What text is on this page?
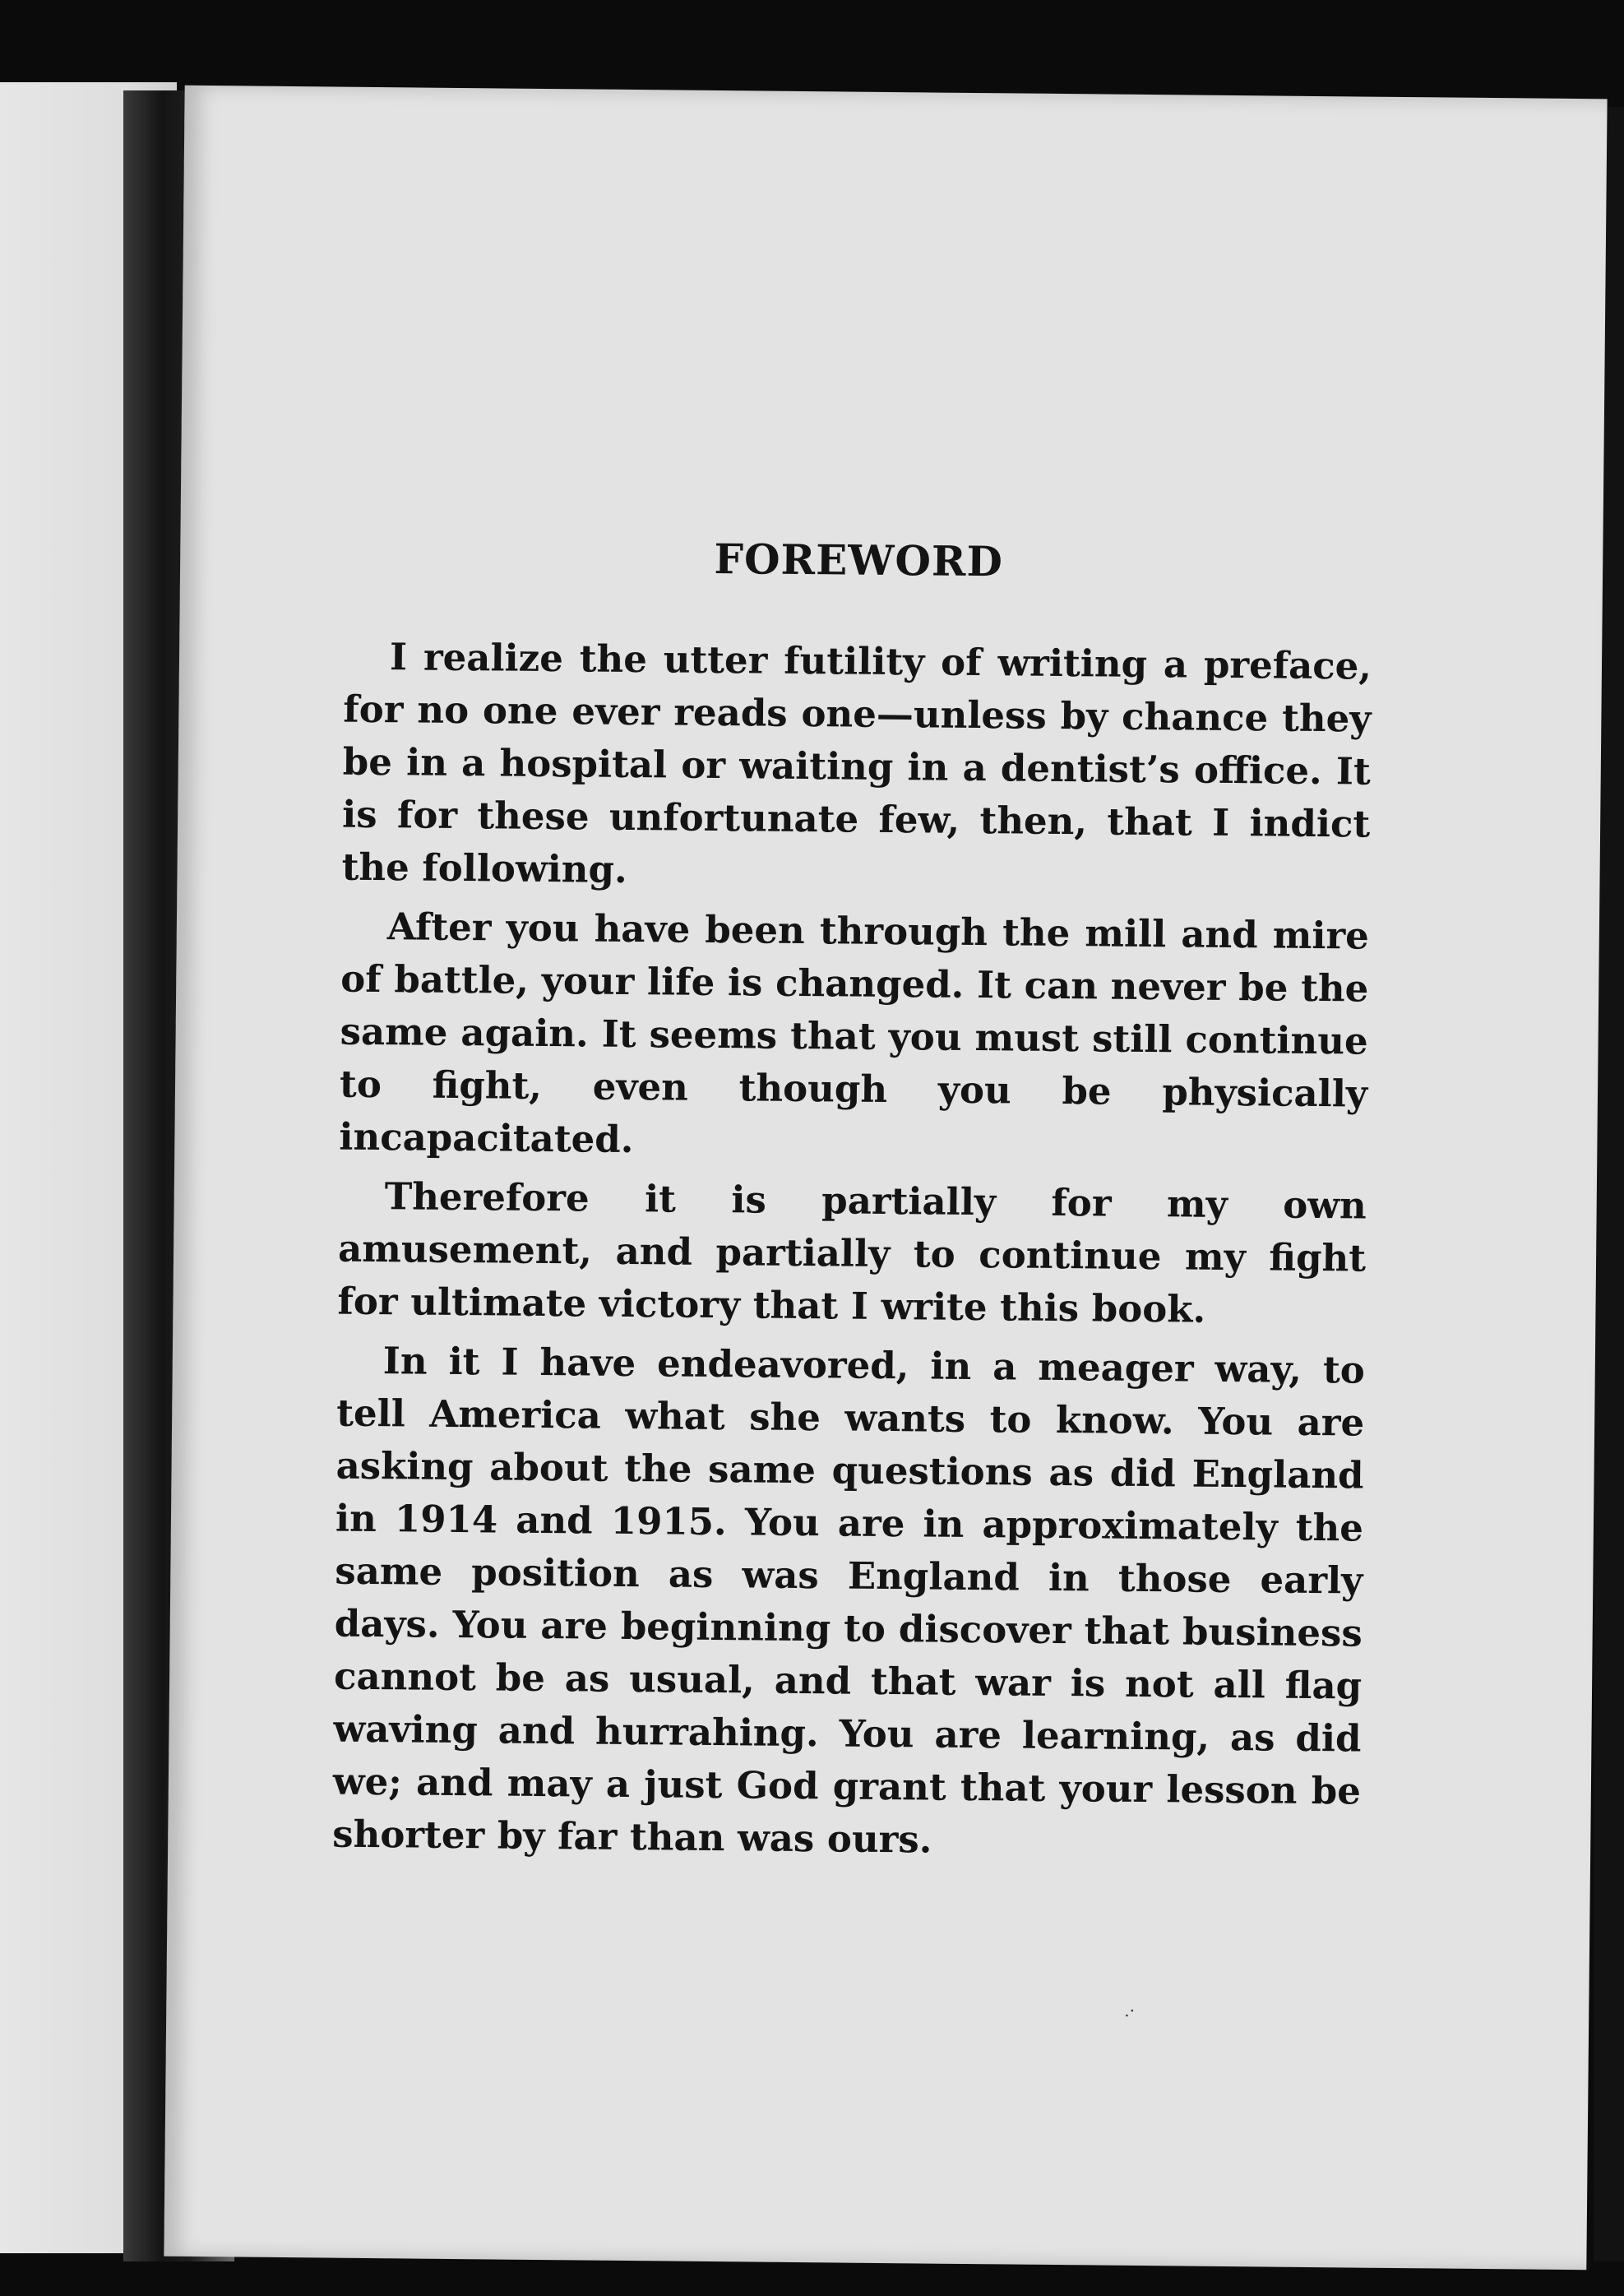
FOREWORD

I realize the utter futility of writing a preface, for no one ever reads one—unless by chance they be in a hospital or waiting in a dentist’s office. It is for these unfortunate few, then, that I indict the following.

After you have been through the mill and mire of battle, your life is changed. It can never be the same again. It seems that you must still continue to fight, even though you be physically incapacitated.

Therefore it is partially for my own amusement, and partially to continue my fight for ultimate victory that I write this book.

In it I have endeavored, in a meager way, to tell America what she wants to know. You are asking about the same questions as did England in 1914 and 1915. You are in approximately the same position as was England in those early days. You are beginning to discover that business cannot be as usual, and that war is not all flag waving and hurrahing. You are learning, as did we; and may a just God grant that your lesson be shorter by far than was ours.

.·
